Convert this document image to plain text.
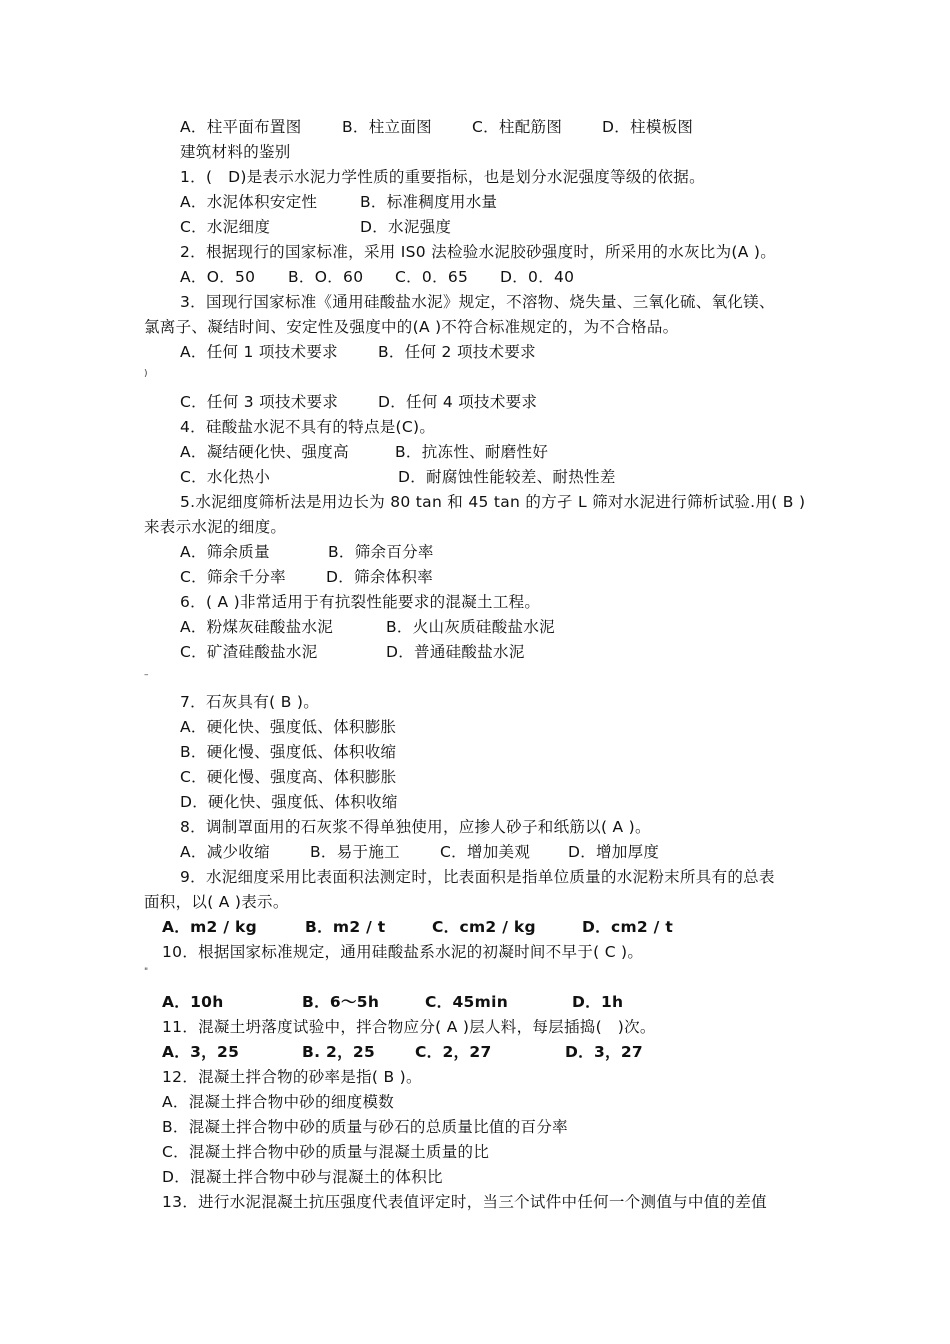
A．柱平面布置图	B．柱立面图	C．柱配筋图	D．柱模板图
建筑材料的鉴别
1．(　D)是表示水泥力学性质的重要指标，也是划分水泥强度等级的依据。
A．水泥体积安定性	B．标准稠度用水量
C．水泥细度	D．水泥强度
2．根据现行的国家标准，采用 IS0 法检验水泥胶砂强度时，所采用的水灰比为(A )。
A．O．50 B．O．60 C．0．65 D．0．40
3．国现行国家标准《通用硅酸盐水泥》规定，不溶物、烧失量、三氧化硫、氧化镁、
氯离子、凝结时间、安定性及强度中的(A )不符合标准规定的，为不合格品。
A．任何 1 项技术要求	B．任何 2 项技术要求
)
C．任何 3 项技术要求	D．任何 4 项技术要求
4．硅酸盐水泥不具有的特点是(C)。
A．凝结硬化快、强度高	B．抗冻性、耐磨性好
C．水化热小	D．耐腐蚀性能较差、耐热性差
5.水泥细度筛析法是用边长为 80 tan 和 45 tan 的方孑 L 筛对水泥进行筛析试验.用( B )
来表示水泥的细度。
A．筛余质量	B．筛余百分率
C．筛余千分率	D．筛余体积率
6．( A )非常适用于有抗裂性能要求的混凝土工程。
A．粉煤灰硅酸盐水泥	B．火山灰质硅酸盐水泥
C．矿渣硅酸盐水泥	D．普通硅酸盐水泥
–
7．石灰具有( B )。
A．硬化快、强度低、体积膨胀
B．硬化慢、强度低、体积收缩
C．硬化慢、强度高、体积膨胀
D．硬化快、强度低、体积收缩
8．调制罩面用的石灰浆不得单独使用，应掺人砂子和纸筋以( A )。
A．减少收缩	B．易于施工	C．增加美观 D．增加厚度
9．水泥细度采用比表面积法测定时，比表面积是指单位质量的水泥粉末所具有的总表
面积，以( A )表示。
A．m2 / kg	B．m2 / t	C．cm2 / kg	D．cm2 / t
10．根据国家标准规定，通用硅酸盐系水泥的初凝时间不早于( C )。
"
A．10h	B．6～5h	C．45min	D．1h
11．混凝土坍落度试验中，拌合物应分( A )层人料，每层插捣(　)次。
A．3，25	B. 2，25	C．2，27	D．3，27
12．混凝土拌合物的砂率是指( B )。
A．混凝土拌合物中砂的细度模数
B．混凝土拌合物中砂的质量与砂石的总质量比值的百分率
C．混凝土拌合物中砂的质量与混凝土质量的比
D．混凝土拌合物中砂与混凝土的体积比
13．进行水泥混凝土抗压强度代表值评定时，当三个试件中任何一个测值与中值的差值
